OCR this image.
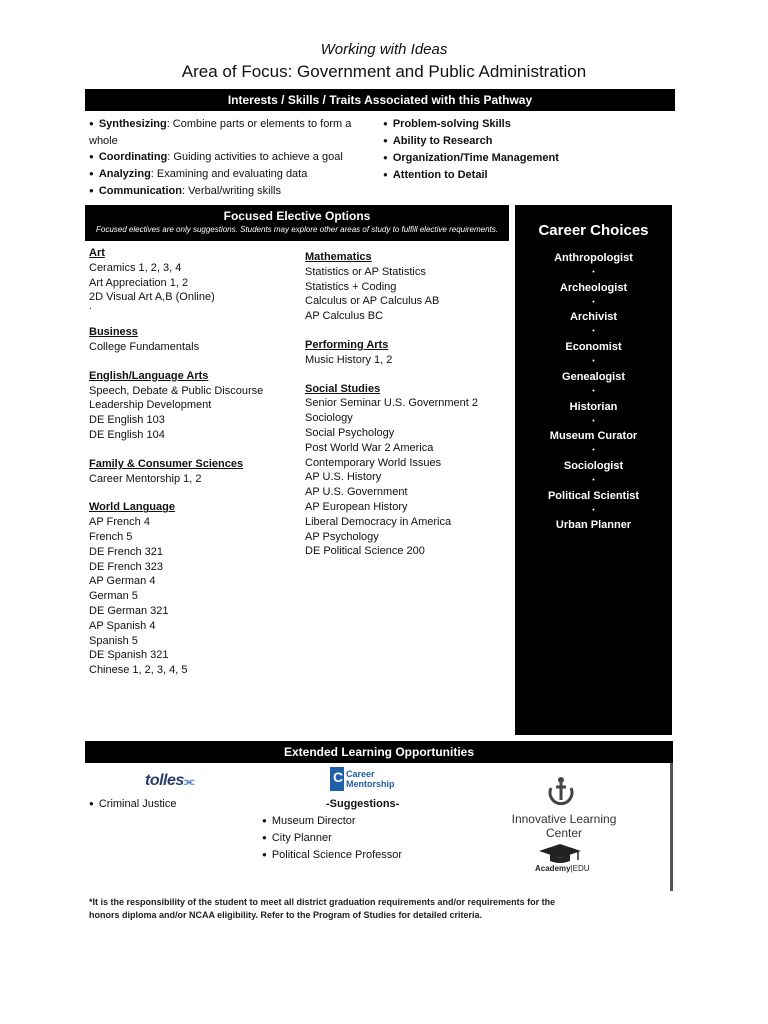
Working with Ideas
Area of Focus: Government and Public Administration
Interests / Skills / Traits Associated with this Pathway
● Synthesizing: Combine parts or elements to form a whole
● Coordinating: Guiding activities to achieve a goal
● Analyzing: Examining and evaluating data
● Communication: Verbal/writing skills
● Problem-solving Skills
● Ability to Research
● Organization/Time Management
● Attention to Detail
Focused Elective Options
Focused electives are only suggestions. Students may explore other areas of study to fulfill elective requirements.
Art
Ceramics 1, 2, 3, 4
Art Appreciation 1, 2
2D Visual Art A,B (Online)
.
Business
College Fundamentals
English/Language Arts
Speech, Debate & Public Discourse
Leadership Development
DE English 103
DE English 104
Family & Consumer Sciences
Career Mentorship 1, 2
World Language
AP French 4
French 5
DE French 321
DE French 323
AP German 4
German 5
DE German 321
AP Spanish 4
Spanish 5
DE Spanish 321
Chinese 1, 2, 3, 4, 5
Mathematics
Statistics or AP Statistics
Statistics + Coding
Calculus or AP Calculus AB
AP Calculus BC
Performing Arts
Music History 1, 2
Social Studies
Senior Seminar U.S. Government 2
Sociology
Social Psychology
Post World War 2 America
Contemporary World Issues
AP U.S. History
AP U.S. Government
AP European History
Liberal Democracy in America
AP Psychology
DE Political Science 200
Career Choices
Anthropologist
•
Archeologist
•
Archivist
•
Economist
•
Genealogist
•
Historian
•
Museum Curator
•
Sociologist
•
Political Scientist
•
Urban Planner
Extended Learning Opportunities
tolles⫘
● Criminal Justice
C Career
Mentorship
-Suggestions-
● Museum Director
● City Planner
● Political Science Professor
Innovative Learning Center
Academy|EDU
*It is the responsibility of the student to meet all district graduation requirements and/or requirements for the honors diploma and/or NCAA eligibility. Refer to the Program of Studies for detailed criteria.
